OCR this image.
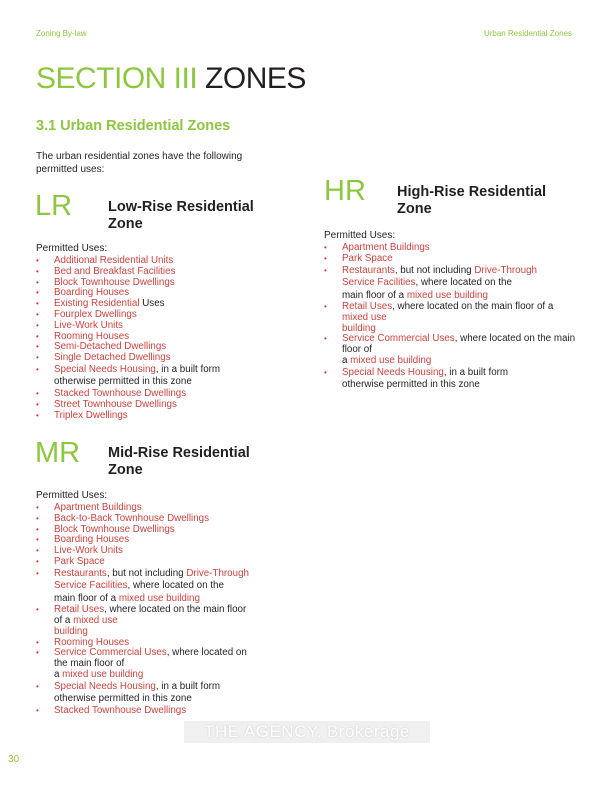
Zoning By-law	Urban Residential Zones
SECTION III ZONES
3.1 Urban Residential Zones
The urban residential zones have the following permitted uses:
LR Low-Rise Residential
Zone
Permitted Uses:
• Additional Residential Units
• Bed and Breakfast Facilities
• Block Townhouse Dwellings
• Boarding Houses
• Existing Residential Uses
• Fourplex Dwellings
• Live-Work Units
• Rooming Houses
• Semi-Detached Dwellings
• Single Detached Dwellings
• Special Needs Housing, in a built form
otherwise permitted in this zone
• Stacked Townhouse Dwellings
• Street Townhouse Dwellings
• Triplex Dwellings
MR Mid-Rise Residential
Zone
Permitted Uses:
• Apartment Buildings
• Back-to-Back Townhouse Dwellings
• Block Townhouse Dwellings
• Boarding Houses
• Live-Work Units
• Park Space
• Restaurants, but not including Drive-Through
Service Facilities, where located on the
main floor of a mixed use building
• Retail Uses, where located on the main floor
of a mixed use
building
• Rooming Houses
• Service Commercial Uses, where located on
the main floor of
a mixed use building
• Special Needs Housing, in a built form
otherwise permitted in this zone
• Stacked Townhouse Dwellings
HR High-Rise Residential
Zone
Permitted Uses:
• Apartment Buildings
• Park Space
• Restaurants, but not including Drive-Through
Service Facilities, where located on the
main floor of a mixed use building
• Retail Uses, where located on the main floor of a
mixed use
building
• Service Commercial Uses, where located on the main
floor of
a mixed use building
• Special Needs Housing, in a built form
otherwise permitted in this zone
30
THE AGENCY, Brokerage
